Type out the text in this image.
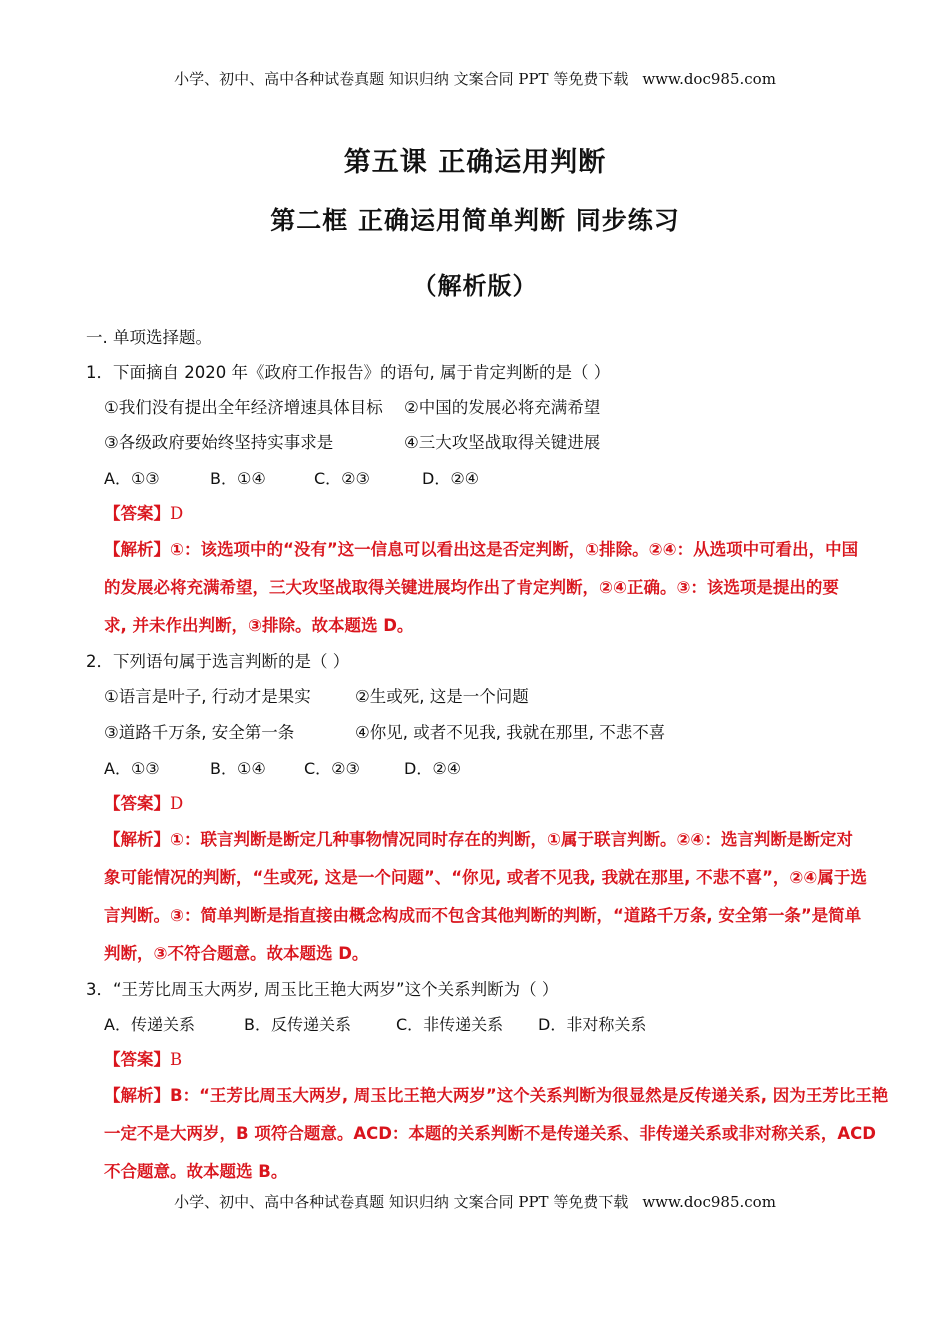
小学、初中、高中各种试卷真题 知识归纳 文案合同 PPT 等免费下载 www.doc985.com
第五课 正确运用判断
第二框 正确运用简单判断 同步练习
（解析版）
一. 单项选择题。
1．下面摘自 2020 年《政府工作报告》的语句, 属于肯定判断的是（ ）
①我们没有提出全年经济增速具体目标 ②中国的发展必将充满希望
③各级政府要始终坚持实事求是	④三大攻坚战取得关键进展
A．①③	B．①④	C．②③	D．②④
【答案】D
【解析】①：该选项中的“没有”这一信息可以看出这是否定判断，①排除。②④：从选项中可看出，中国
的发展必将充满希望，三大攻坚战取得关键进展均作出了肯定判断，②④正确。③：该选项是提出的要
求, 并未作出判断，③排除。故本题选 D。
2．下列语句属于选言判断的是（ ）
①语言是叶子, 行动才是果实	②生或死, 这是一个问题
③道路千万条, 安全第一条	④你见, 或者不见我, 我就在那里, 不悲不喜
A．①③	B．①④ C．②③	D．②④
【答案】D
【解析】①：联言判断是断定几种事物情况同时存在的判断，①属于联言判断。②④：选言判断是断定对
象可能情况的判断，“生或死, 这是一个问题”、“你见, 或者不见我, 我就在那里, 不悲不喜”，②④属于选
言判断。③：简单判断是指直接由概念构成而不包含其他判断的判断，“道路千万条, 安全第一条”是简单
判断，③不符合题意。故本题选 D。
3．“王芳比周玉大两岁, 周玉比王艳大两岁”这个关系判断为（ ）
A．传递关系	B．反传递关系	C．非传递关系 D．非对称关系
【答案】B
【解析】B：“王芳比周玉大两岁, 周玉比王艳大两岁”这个关系判断为很显然是反传递关系, 因为王芳比王艳
一定不是大两岁，B 项符合题意。ACD：本题的关系判断不是传递关系、非传递关系或非对称关系，ACD
不合题意。故本题选 B。
小学、初中、高中各种试卷真题 知识归纳 文案合同 PPT 等免费下载 www.doc985.com
